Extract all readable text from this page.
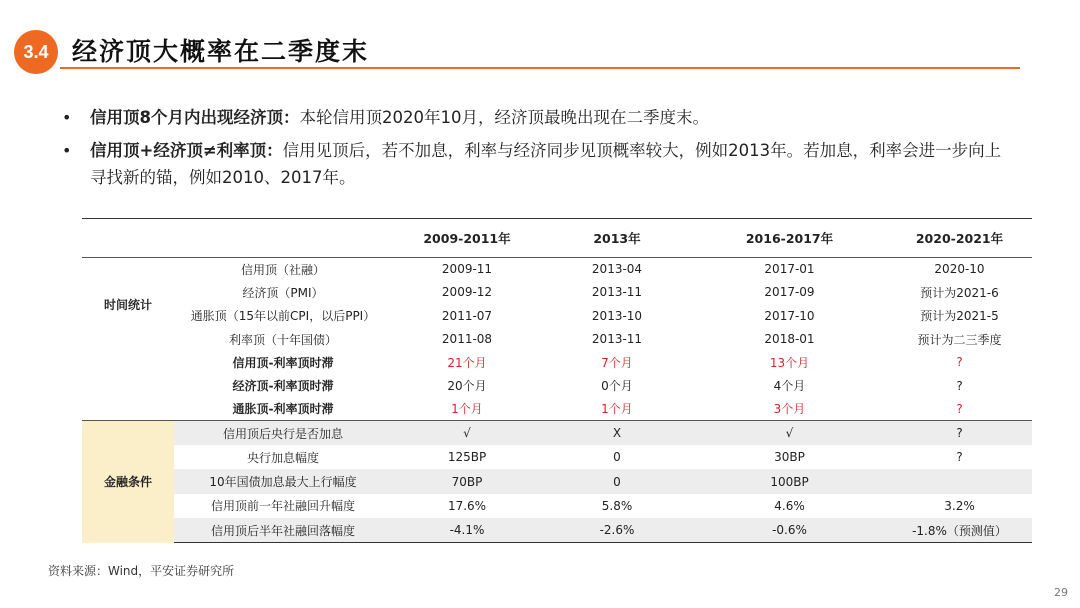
3.4 经济顶大概率在二季度末
• 信用顶8个月内出现经济顶：本轮信用顶2020年10月，经济顶最晚出现在二季度末。
• 信用顶+经济顶≠利率顶：信用见顶后，若不加息，利率与经济同步见顶概率较大，例如2013年。若加息，利率会进一步向上寻找新的锚，例如2010、2017年。
		2009-2011年	2013年	2016-2017年	2020-2021年
时间统计	信用顶（社融）	2009-11	2013-04	2017-01	2020-10
	经济顶（PMI）	2009-12	2013-11	2017-09	预计为2021-6
	通胀顶（15年以前CPI，以后PPI）	2011-07	2013-10	2017-10	预计为2021-5
	利率顶（十年国债）	2011-08	2013-11	2018-01	预计为二三季度
	信用顶-利率顶时滞	21个月	7个月	13个月	?
	经济顶-利率顶时滞	20个月	0个月	4个月	?
	通胀顶-利率顶时滞	1个月	1个月	3个月	?
金融条件	信用顶后央行是否加息	√	X	√	?
	央行加息幅度	125BP	0	30BP	?
	10年国债加息最大上行幅度	70BP	0	100BP	
	信用顶前一年社融回升幅度	17.6%	5.8%	4.6%	3.2%
	信用顶后半年社融回落幅度	-4.1%	-2.6%	-0.6%	-1.8%（预测值）
资料来源：Wind，平安证券研究所
29
